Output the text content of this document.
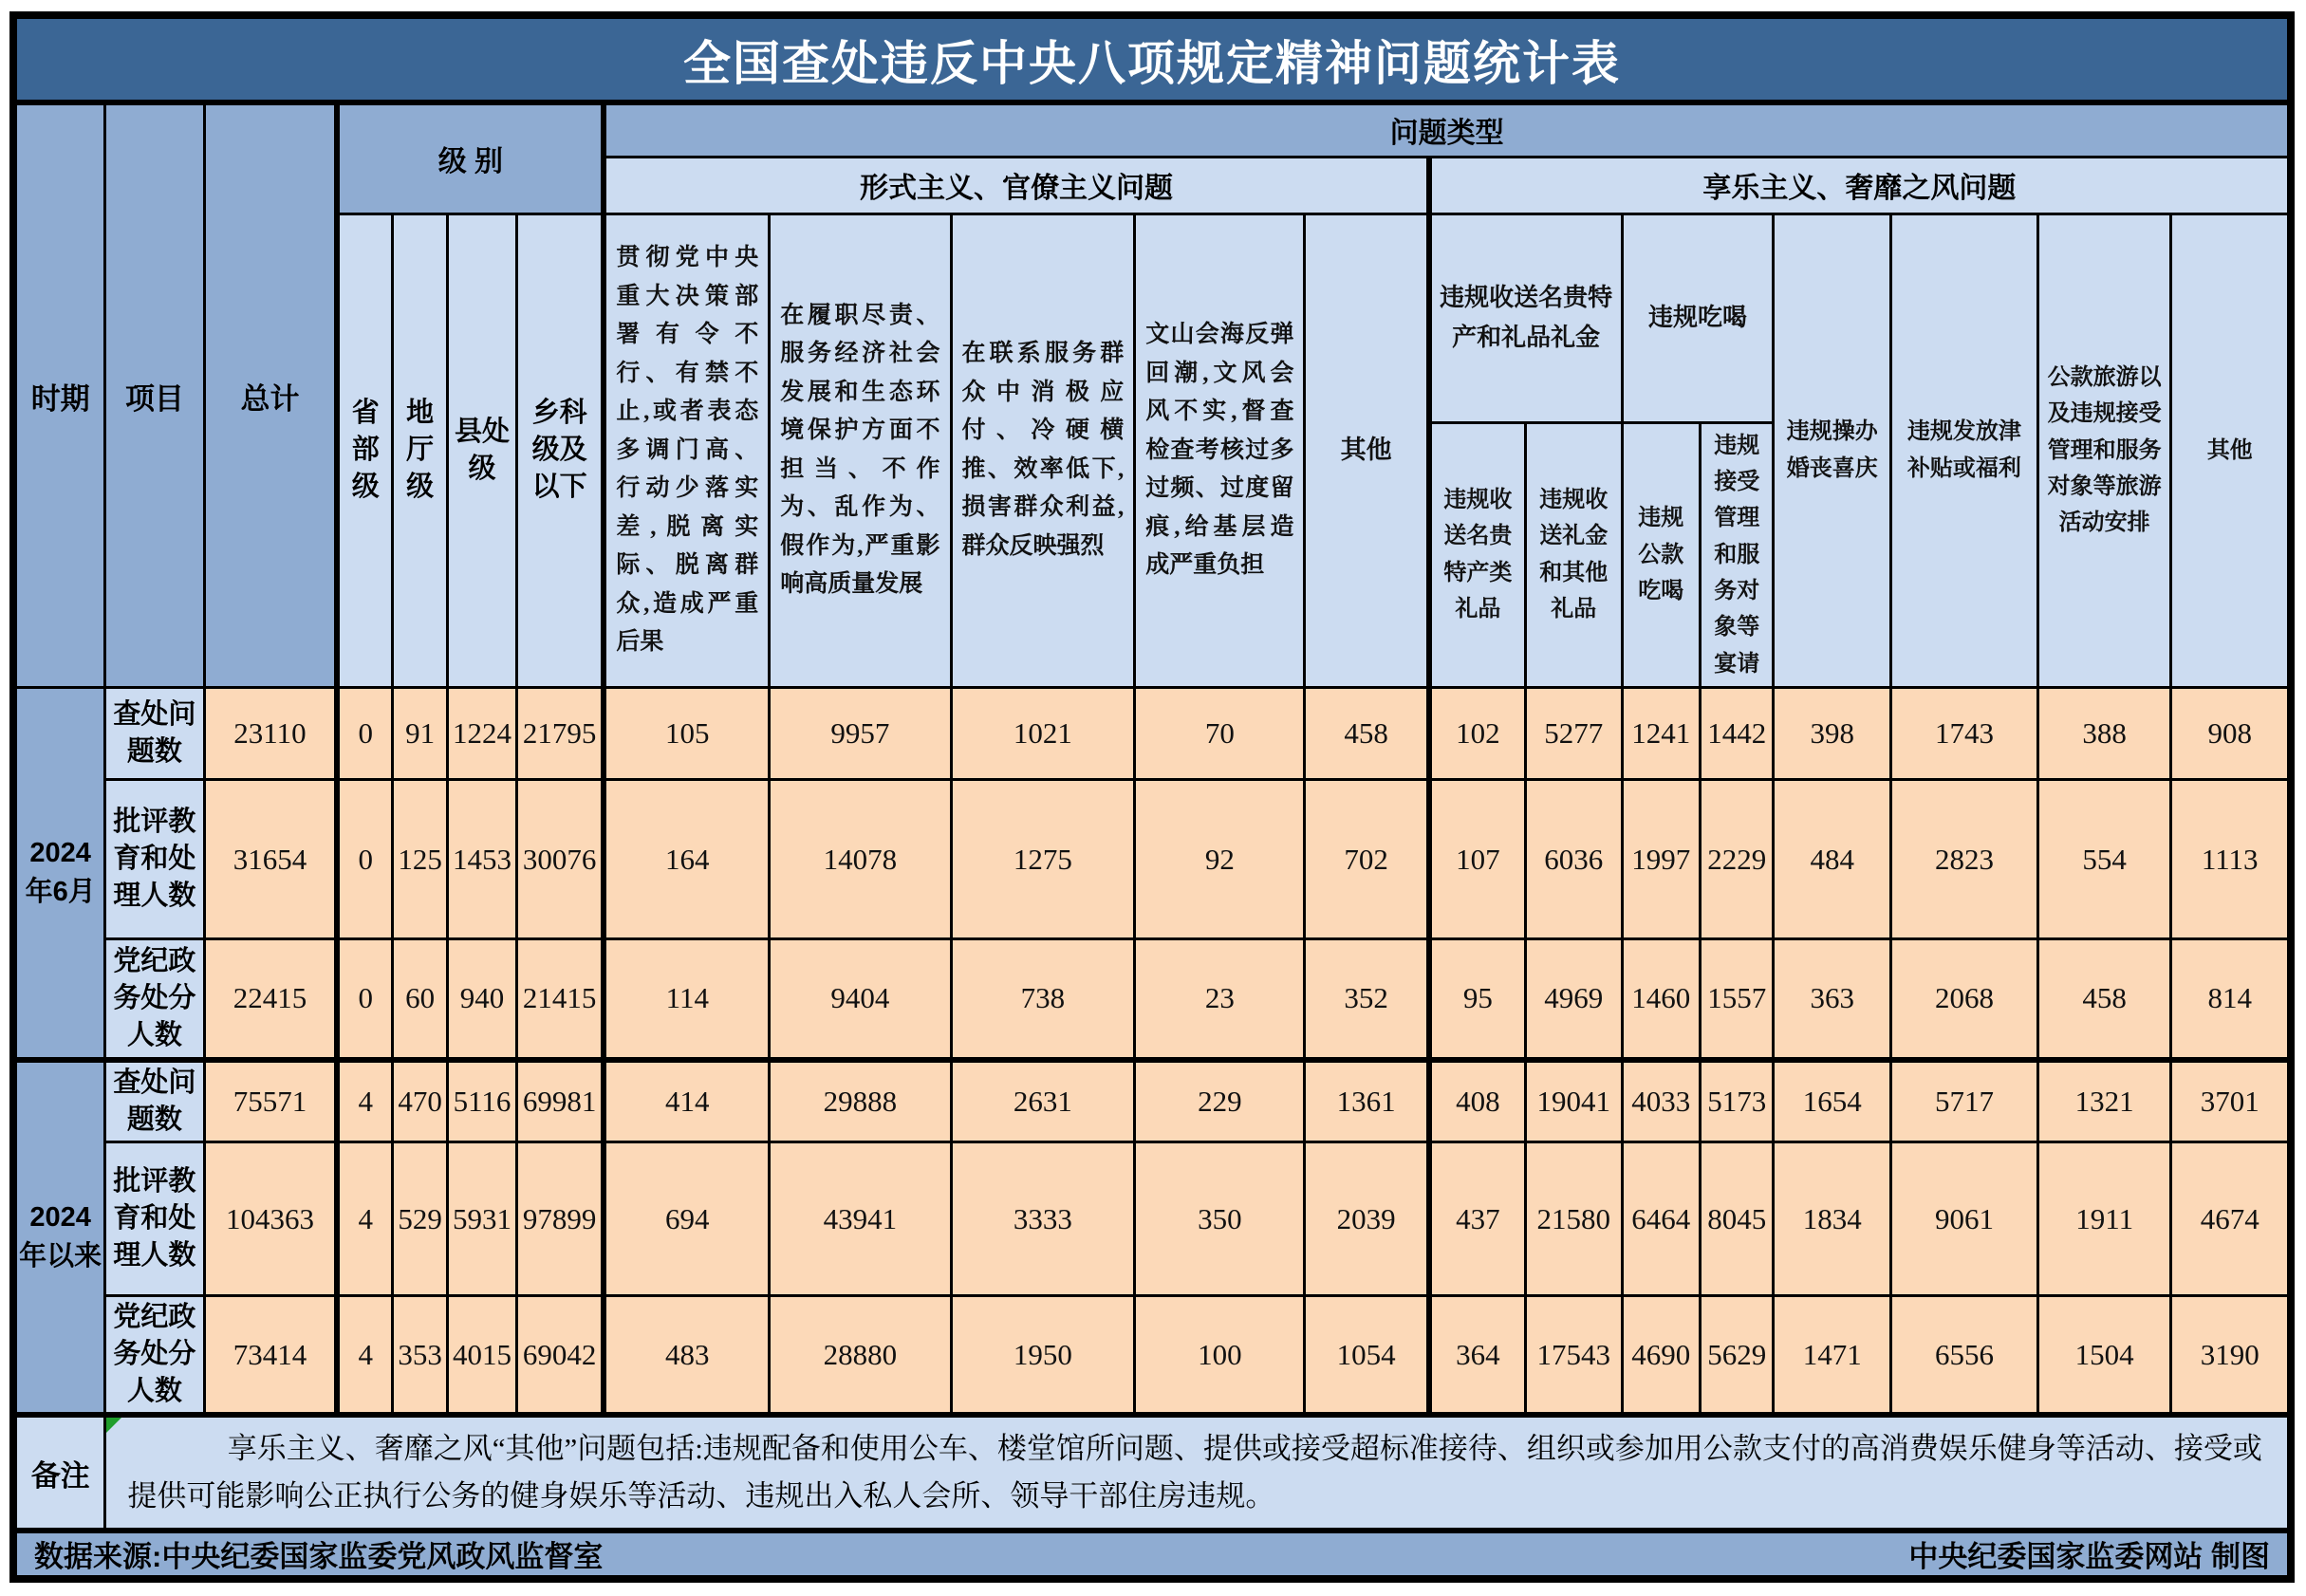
全国查处违反中央八项规定精神问题统计表																			
时期	项目	总计	级 别				问题类型												
							形式主义、官僚主义问题					享乐主义、奢靡之风问题							
			省部级	地厅级	县处级	乡科级及以下	贯彻党中央重大决策部署有令不行、有禁不止,或者表态多调门高、行动少落实差,脱离实际、脱离群众,造成严重后果	在履职尽责、服务经济社会发展和生态环境保护方面不担当、不作为、乱作为、假作为,严重影响高质量发展	在联系服务群众中消极应付、冷硬横推、效率低下,损害群众利益,群众反映强烈	文山会海反弹回潮,文风会风不实,督查检查考核过多过频、过度留痕,给基层造成严重负担	其他	违规收送名贵特产和礼品礼金		违规吃喝		违规操办婚丧喜庆	违规发放津补贴或福利	公款旅游以及违规接受管理和服务对象等旅游活动安排	其他
												违规收送名贵特产类礼品	违规收送礼金和其他礼品	违规公款吃喝	违规接受管理和服务对象等宴请				
2024年6月	查处问题数	23110	0	91	1224	21795	105	9957	1021	70	458	102	5277	1241	1442	398	1743	388	908
	批评教育和处理人数	31654	0	125	1453	30076	164	14078	1275	92	702	107	6036	1997	2229	484	2823	554	1113
	党纪政务处分人数	22415	0	60	940	21415	114	9404	738	23	352	95	4969	1460	1557	363	2068	458	814
2024年以来	查处问题数	75571	4	470	5116	69981	414	29888	2631	229	1361	408	19041	4033	5173	1654	5717	1321	3701
	批评教育和处理人数	104363	4	529	5931	97899	694	43941	3333	350	2039	437	21580	6464	8045	1834	9061	1911	4674
	党纪政务处分人数	73414	4	353	4015	69042	483	28880	1950	100	1054	364	17543	4690	5629	1471	6556	1504	3190
备注	享乐主义、奢靡之风“其他”问题包括:违规配备和使用公车、楼堂馆所问题、提供或接受超标准接待、组织或参加用公款支付的高消费娱乐健身等活动、接受或提供可能影响公正执行公务的健身娱乐等活动、违规出入私人会所、领导干部住房违规。																		

数据来源:中央纪委国家监委党风政风监督室 中央纪委国家监委网站 制图																			
